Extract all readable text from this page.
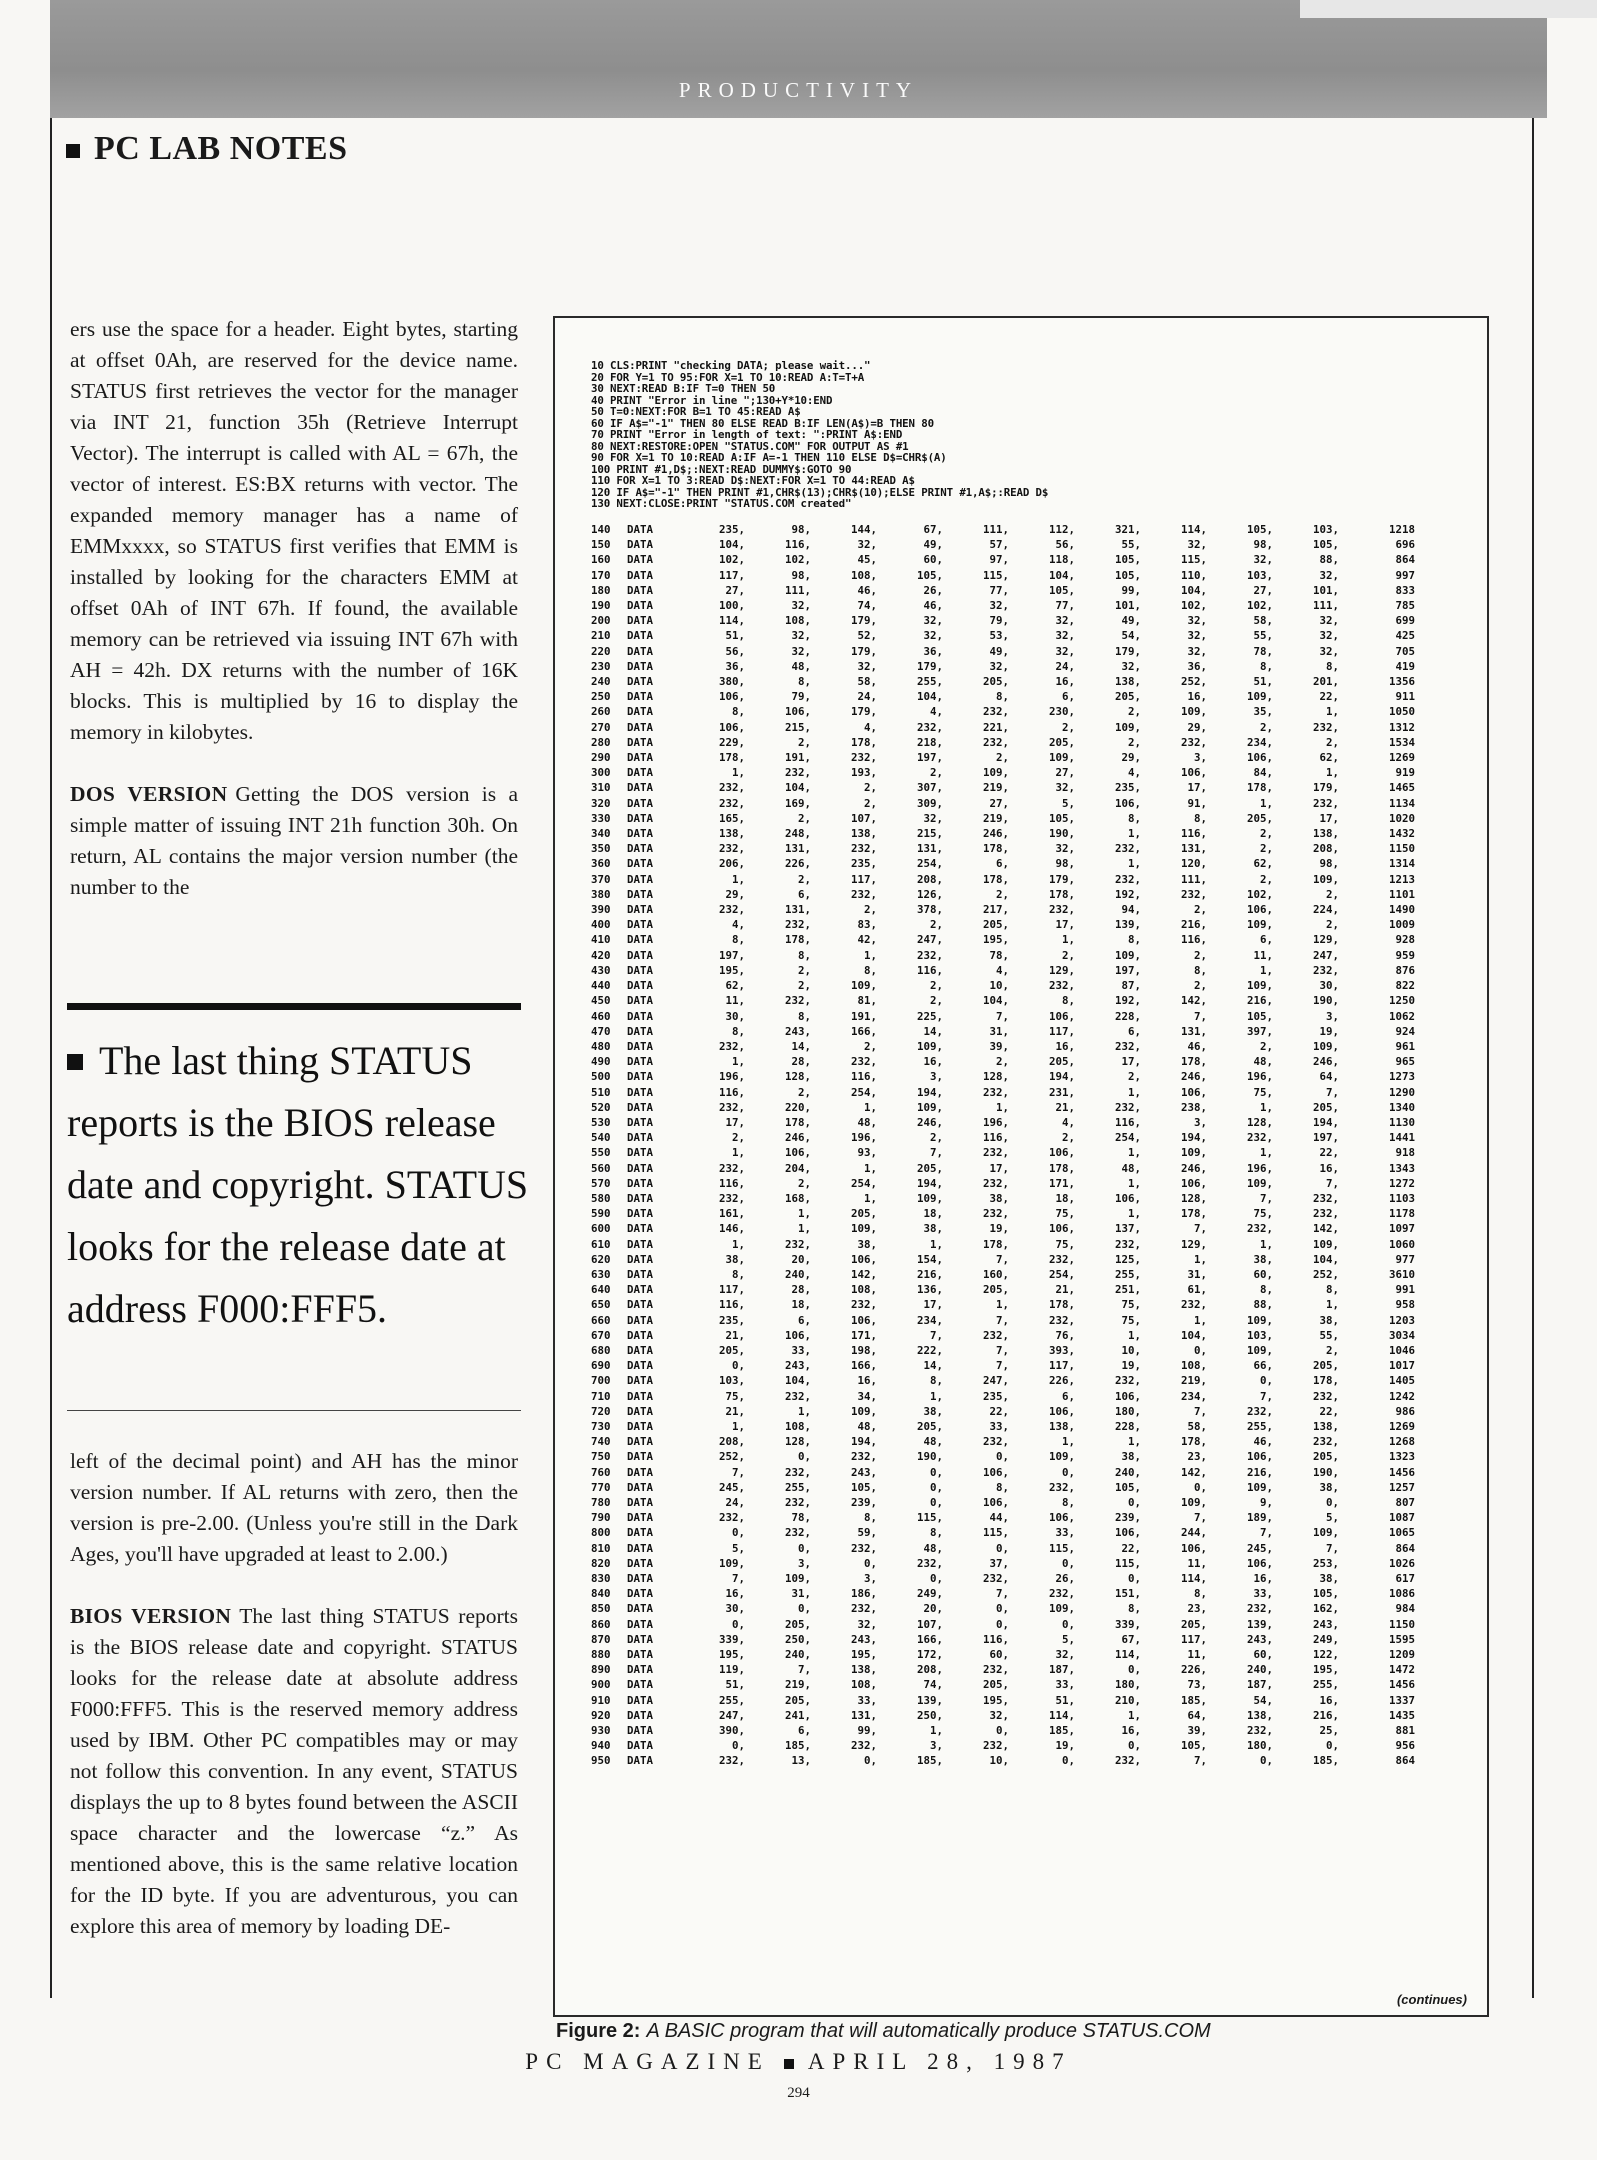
PRODUCTIVITY
PC LAB NOTES

ers use the space for a header. Eight bytes, starting at offset 0Ah, are reserved for the device name. STATUS first retrieves the vector for the manager via INT 21, function 35h (Retrieve Interrupt Vector). The interrupt is called with AL = 67h, the vector of interest. ES:BX returns with vector. The expanded memory manager has a name of EMMxxxx, so STATUS first verifies that EMM is installed by looking for the characters EMM at offset 0Ah of INT 67h. If found, the available memory can be retrieved via issuing INT 67h with AH = 42h. DX returns with the number of 16K blocks. This is multiplied by 16 to display the memory in kilobytes.

DOS VERSION Getting the DOS version is a simple matter of issuing INT 21h function 30h. On return, AL contains the major version number (the number to the

The last thing STATUS reports is the BIOS release date and copyright. STATUS looks for the release date at address F000:FFF5.

left of the decimal point) and AH has the minor version number. If AL returns with zero, then the version is pre-2.00. (Unless you're still in the Dark Ages, you'll have upgraded at least to 2.00.)

BIOS VERSION The last thing STATUS reports is the BIOS release date and copyright. STATUS looks for the release date at absolute address F000:FFF5. This is the reserved memory address used by IBM. Other PC compatibles may or may not follow this convention. In any event, STATUS displays the up to 8 bytes found between the ASCII space character and the lowercase “z.” As mentioned above, this is the same relative location for the ID byte. If you are adventurous, you can explore this area of memory by loading DE-

10 CLS:PRINT "checking DATA; please wait..."
20 FOR Y=1 TO 95:FOR X=1 TO 10:READ A:T=T+A
30 NEXT:READ B:IF T=0 THEN 50
40 PRINT "Error in line ";130+Y*10:END
50 T=0:NEXT:FOR B=1 TO 45:READ A$
60 IF A$="-1" THEN 80 ELSE READ B:IF LEN(A$)=B THEN 80
70 PRINT "Error in length of text: ":PRINT A$:END
80 NEXT:RESTORE:OPEN "STATUS.COM" FOR OUTPUT AS #1
90 FOR X=1 TO 10:READ A:IF A=-1 THEN 110 ELSE D$=CHR$(A)
100 PRINT #1,D$;:NEXT:READ DUMMY$:GOTO 90
110 FOR X=1 TO 3:READ D$:NEXT:FOR X=1 TO 44:READ A$
120 IF A$="-1" THEN PRINT #1,CHR$(13);CHR$(10);ELSE PRINT #1,A$;:READ D$
130 NEXT:CLOSE:PRINT "STATUS.COM created"
140	DATA	235,	98,	144,	67,	111,	112,	321,	114,	105,	103,	1218
150	DATA	104,	116,	32,	49,	57,	56,	55,	32,	98,	105,	696
160	DATA	102,	102,	45,	60,	97,	118,	105,	115,	32,	88,	864
170	DATA	117,	98,	108,	105,	115,	104,	105,	110,	103,	32,	997
180	DATA	27,	111,	46,	26,	77,	105,	99,	104,	27,	101,	833
190	DATA	100,	32,	74,	46,	32,	77,	101,	102,	102,	111,	785
200	DATA	114,	108,	179,	32,	79,	32,	49,	32,	58,	32,	699
210	DATA	51,	32,	52,	32,	53,	32,	54,	32,	55,	32,	425
220	DATA	56,	32,	179,	36,	49,	32,	179,	32,	78,	32,	705
230	DATA	36,	48,	32,	179,	32,	24,	32,	36,	8,	8,	419
240	DATA	380,	8,	58,	255,	205,	16,	138,	252,	51,	201,	1356
250	DATA	106,	79,	24,	104,	8,	6,	205,	16,	109,	22,	911
260	DATA	8,	106,	179,	4,	232,	230,	2,	109,	35,	1,	1050
270	DATA	106,	215,	4,	232,	221,	2,	109,	29,	2,	232,	1312
280	DATA	229,	2,	178,	218,	232,	205,	2,	232,	234,	2,	1534
290	DATA	178,	191,	232,	197,	2,	109,	29,	3,	106,	62,	1269
300	DATA	1,	232,	193,	2,	109,	27,	4,	106,	84,	1,	919
310	DATA	232,	104,	2,	307,	219,	32,	235,	17,	178,	179,	1465
320	DATA	232,	169,	2,	309,	27,	5,	106,	91,	1,	232,	1134
330	DATA	165,	2,	107,	32,	219,	105,	8,	8,	205,	17,	1020
340	DATA	138,	248,	138,	215,	246,	190,	1,	116,	2,	138,	1432
350	DATA	232,	131,	232,	131,	178,	32,	232,	131,	2,	208,	1150
360	DATA	206,	226,	235,	254,	6,	98,	1,	120,	62,	98,	1314
370	DATA	1,	2,	117,	208,	178,	179,	232,	111,	2,	109,	1213
380	DATA	29,	6,	232,	126,	2,	178,	192,	232,	102,	2,	1101
390	DATA	232,	131,	2,	378,	217,	232,	94,	2,	106,	224,	1490
400	DATA	4,	232,	83,	2,	205,	17,	139,	216,	109,	2,	1009
410	DATA	8,	178,	42,	247,	195,	1,	8,	116,	6,	129,	928
420	DATA	197,	8,	1,	232,	78,	2,	109,	2,	11,	247,	959
430	DATA	195,	2,	8,	116,	4,	129,	197,	8,	1,	232,	876
440	DATA	62,	2,	109,	2,	10,	232,	87,	2,	109,	30,	822
450	DATA	11,	232,	81,	2,	104,	8,	192,	142,	216,	190,	1250
460	DATA	30,	8,	191,	225,	7,	106,	228,	7,	105,	3,	1062
470	DATA	8,	243,	166,	14,	31,	117,	6,	131,	397,	19,	924
480	DATA	232,	14,	2,	109,	39,	16,	232,	46,	2,	109,	961
490	DATA	1,	28,	232,	16,	2,	205,	17,	178,	48,	246,	965
500	DATA	196,	128,	116,	3,	128,	194,	2,	246,	196,	64,	1273
510	DATA	116,	2,	254,	194,	232,	231,	1,	106,	75,	7,	1290
520	DATA	232,	220,	1,	109,	1,	21,	232,	238,	1,	205,	1340
530	DATA	17,	178,	48,	246,	196,	4,	116,	3,	128,	194,	1130
540	DATA	2,	246,	196,	2,	116,	2,	254,	194,	232,	197,	1441
550	DATA	1,	106,	93,	7,	232,	106,	1,	109,	1,	22,	918
560	DATA	232,	204,	1,	205,	17,	178,	48,	246,	196,	16,	1343
570	DATA	116,	2,	254,	194,	232,	171,	1,	106,	109,	7,	1272
580	DATA	232,	168,	1,	109,	38,	18,	106,	128,	7,	232,	1103
590	DATA	161,	1,	205,	18,	232,	75,	1,	178,	75,	232,	1178
600	DATA	146,	1,	109,	38,	19,	106,	137,	7,	232,	142,	1097
610	DATA	1,	232,	38,	1,	178,	75,	232,	129,	1,	109,	1060
620	DATA	38,	20,	106,	154,	7,	232,	125,	1,	38,	104,	977
630	DATA	8,	240,	142,	216,	160,	254,	255,	31,	60,	252,	3610
640	DATA	117,	28,	108,	136,	205,	21,	251,	61,	8,	8,	991
650	DATA	116,	18,	232,	17,	1,	178,	75,	232,	88,	1,	958
660	DATA	235,	6,	106,	234,	7,	232,	75,	1,	109,	38,	1203
670	DATA	21,	106,	171,	7,	232,	76,	1,	104,	103,	55,	3034
680	DATA	205,	33,	198,	222,	7,	393,	10,	0,	109,	2,	1046
690	DATA	0,	243,	166,	14,	7,	117,	19,	108,	66,	205,	1017
700	DATA	103,	104,	16,	8,	247,	226,	232,	219,	0,	178,	1405
710	DATA	75,	232,	34,	1,	235,	6,	106,	234,	7,	232,	1242
720	DATA	21,	1,	109,	38,	22,	106,	180,	7,	232,	22,	986
730	DATA	1,	108,	48,	205,	33,	138,	228,	58,	255,	138,	1269
740	DATA	208,	128,	194,	48,	232,	1,	1,	178,	46,	232,	1268
750	DATA	252,	0,	232,	190,	0,	109,	38,	23,	106,	205,	1323
760	DATA	7,	232,	243,	0,	106,	0,	240,	142,	216,	190,	1456
770	DATA	245,	255,	105,	0,	8,	232,	105,	0,	109,	38,	1257
780	DATA	24,	232,	239,	0,	106,	8,	0,	109,	9,	0,	807
790	DATA	232,	78,	8,	115,	44,	106,	239,	7,	189,	5,	1087
800	DATA	0,	232,	59,	8,	115,	33,	106,	244,	7,	109,	1065
810	DATA	5,	0,	232,	48,	0,	115,	22,	106,	245,	7,	864
820	DATA	109,	3,	0,	232,	37,	0,	115,	11,	106,	253,	1026
830	DATA	7,	109,	3,	0,	232,	26,	0,	114,	16,	38,	617
840	DATA	16,	31,	186,	249,	7,	232,	151,	8,	33,	105,	1086
850	DATA	30,	0,	232,	20,	0,	109,	8,	23,	232,	162,	984
860	DATA	0,	205,	32,	107,	0,	0,	339,	205,	139,	243,	1150
870	DATA	339,	250,	243,	166,	116,	5,	67,	117,	243,	249,	1595
880	DATA	195,	240,	195,	172,	60,	32,	114,	11,	60,	122,	1209
890	DATA	119,	7,	138,	208,	232,	187,	0,	226,	240,	195,	1472
900	DATA	51,	219,	108,	74,	205,	33,	180,	73,	187,	255,	1456
910	DATA	255,	205,	33,	139,	195,	51,	210,	185,	54,	16,	1337
920	DATA	247,	241,	131,	250,	32,	114,	1,	64,	138,	216,	1435
930	DATA	390,	6,	99,	1,	0,	185,	16,	39,	232,	25,	881
940	DATA	0,	185,	232,	3,	232,	19,	0,	105,	180,	0,	956
950	DATA	232,	13,	0,	185,	10,	0,	232,	7,	0,	185,	864
(continues)
Figure 2: A BASIC program that will automatically produce STATUS.COM
PC MAGAZINE APRIL 28, 1987
294
